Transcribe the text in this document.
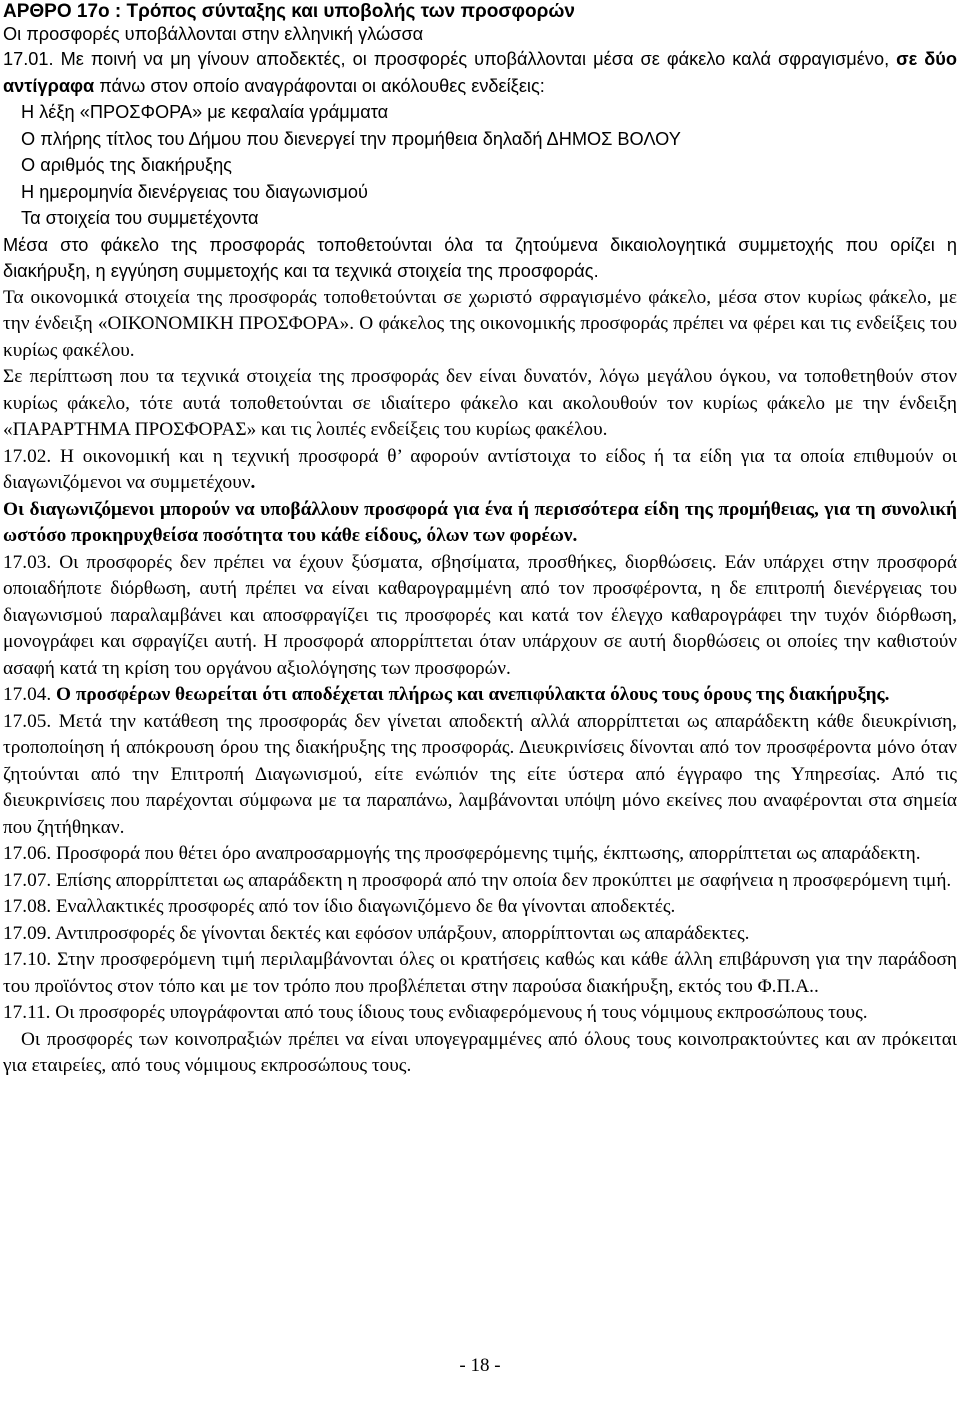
ΑΡΘΡΟ 17ο : Τρόπος σύνταξης και υποβολής των προσφορών

Οι προσφορές υποβάλλονται στην ελληνική γλώσσα

17.01. Με ποινή να μη γίνουν αποδεκτές, οι προσφορές υποβάλλονται μέσα σε φάκελο καλά σφραγισμένο, σε δύο αντίγραφα πάνω στον οποίο αναγράφονται οι ακόλουθες ενδείξεις:

Η λέξη «ΠΡΟΣΦΟΡΑ» με κεφαλαία γράμματα

Ο πλήρης τίτλος του Δήμου που διενεργεί την προμήθεια δηλαδή ΔΗΜΟΣ ΒΟΛΟΥ

Ο αριθμός της διακήρυξης

Η ημερομηνία διενέργειας του διαγωνισμού

Τα στοιχεία του συμμετέχοντα

Μέσα στο φάκελο της προσφοράς τοποθετούνται όλα τα ζητούμενα δικαιολογητικά συμμετοχής που ορίζει η διακήρυξη, η εγγύηση συμμετοχής και τα τεχνικά στοιχεία της προσφοράς.

Τα οικονομικά στοιχεία της προσφοράς τοποθετούνται σε χωριστό σφραγισμένο φάκελο, μέσα στον κυρίως φάκελο, με την ένδειξη «ΟΙΚΟΝΟΜΙΚΗ ΠΡΟΣΦΟΡΑ». Ο φάκελος της οικονομικής προσφοράς πρέπει να φέρει και τις ενδείξεις του κυρίως φακέλου.

Σε περίπτωση που τα τεχνικά στοιχεία της προσφοράς δεν είναι δυνατόν, λόγω μεγάλου όγκου, να τοποθετηθούν στον κυρίως φάκελο, τότε αυτά τοποθετούνται σε ιδιαίτερο φάκελο και ακολουθούν τον κυρίως φάκελο με την ένδειξη «ΠΑΡΑΡΤΗΜΑ ΠΡΟΣΦΟΡΑΣ» και τις λοιπές ενδείξεις του κυρίως φακέλου.

17.02. Η οικονομική και η τεχνική προσφορά θ’ αφορούν αντίστοιχα το είδος ή τα είδη για τα οποία επιθυμούν οι διαγωνιζόμενοι να συμμετέχουν.

Οι διαγωνιζόμενοι μπορούν να υποβάλλουν προσφορά για ένα ή περισσότερα είδη της προμήθειας, για τη συνολική ωστόσο προκηρυχθείσα ποσότητα του κάθε είδους, όλων των φορέων.

17.03. Οι προσφορές δεν πρέπει να έχουν ξύσματα, σβησίματα, προσθήκες, διορθώσεις. Εάν υπάρχει στην προσφορά οποιαδήποτε διόρθωση, αυτή πρέπει να είναι καθαρογραμμένη από τον προσφέροντα, η δε επιτροπή διενέργειας του διαγωνισμού παραλαμβάνει και αποσφραγίζει τις προσφορές και κατά τον έλεγχο καθαρογράφει την τυχόν διόρθωση, μονογράφει και σφραγίζει αυτή. Η προσφορά απορρίπτεται όταν υπάρχουν σε αυτή διορθώσεις οι οποίες την καθιστούν ασαφή κατά τη κρίση του οργάνου αξιολόγησης των προσφορών.

17.04. Ο προσφέρων θεωρείται ότι αποδέχεται πλήρως και ανεπιφύλακτα όλους τους όρους της διακήρυξης.

17.05. Μετά την κατάθεση της προσφοράς δεν γίνεται αποδεκτή αλλά απορρίπτεται ως απαράδεκτη κάθε διευκρίνιση, τροποποίηση ή απόκρουση όρου της διακήρυξης της προσφοράς. Διευκρινίσεις δίνονται από τον προσφέροντα μόνο όταν ζητούνται από την Επιτροπή Διαγωνισμού, είτε ενώπιόν της είτε ύστερα από έγγραφο της Υπηρεσίας. Από τις διευκρινίσεις που παρέχονται σύμφωνα με τα παραπάνω, λαμβάνονται υπόψη μόνο εκείνες που αναφέρονται στα σημεία που ζητήθηκαν.

17.06. Προσφορά που θέτει όρο αναπροσαρμογής της προσφερόμενης τιμής, έκπτωσης, απορρίπτεται ως απαράδεκτη.

17.07. Επίσης απορρίπτεται ως απαράδεκτη η προσφορά από την οποία δεν προκύπτει με σαφήνεια η προσφερόμενη τιμή.

17.08. Εναλλακτικές προσφορές από τον ίδιο διαγωνιζόμενο δε θα γίνονται αποδεκτές.

17.09. Αντιπροσφορές δε γίνονται δεκτές και εφόσον υπάρξουν, απορρίπτονται ως απαράδεκτες.

17.10. Στην προσφερόμενη τιμή περιλαμβάνονται όλες οι κρατήσεις καθώς και κάθε άλλη επιβάρυνση για την παράδοση του προϊόντος στον τόπο και με τον τρόπο που προβλέπεται στην παρούσα διακήρυξη, εκτός του Φ.Π.Α..

17.11. Οι προσφορές υπογράφονται από τους ίδιους τους ενδιαφερόμενους ή τους νόμιμους εκπροσώπους τους.

Οι προσφορές των κοινοπραξιών πρέπει να είναι υπογεγραμμένες από όλους τους κοινοπρακτούντες και αν πρόκειται για εταιρείες, από τους νόμιμους εκπροσώπους τους.

- 18 -
